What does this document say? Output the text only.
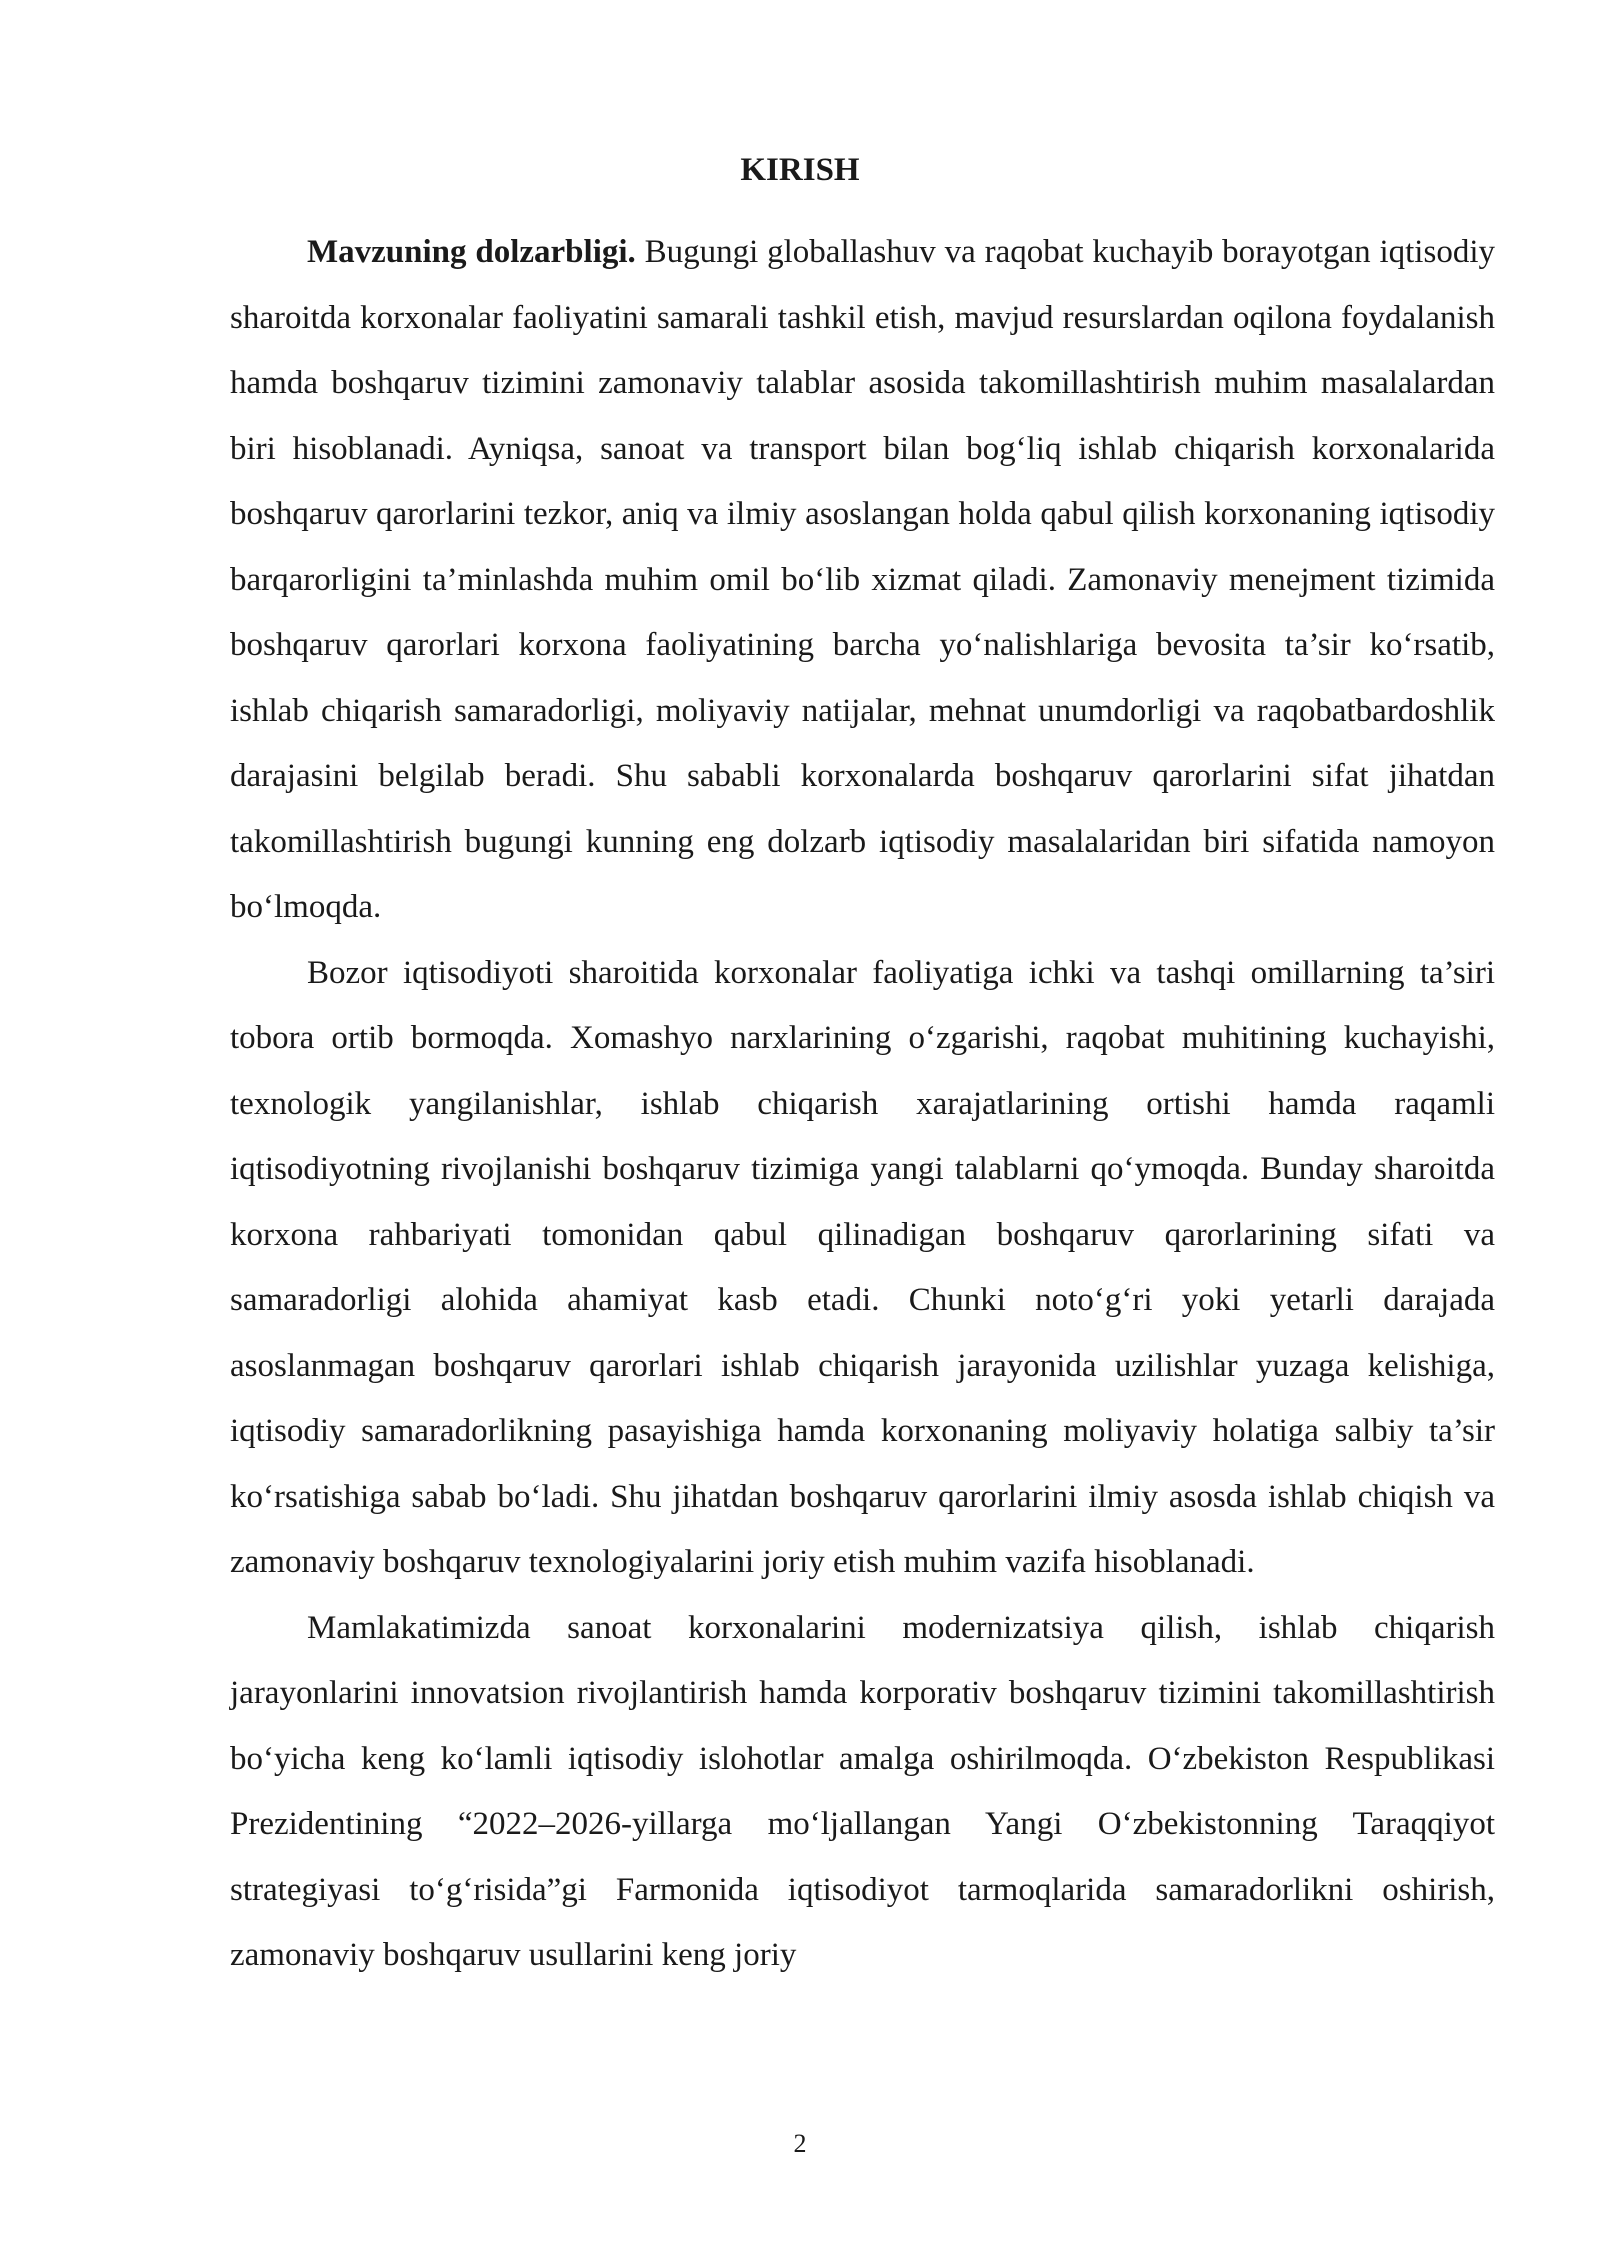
KIRISH

Mavzuning dolzarbligi. Bugungi globallashuv va raqobat kuchayib borayotgan iqtisodiy sharoitda korxonalar faoliyatini samarali tashkil etish, mavjud resurslardan oqilona foydalanish hamda boshqaruv tizimini zamonaviy talablar asosida takomillashtirish muhim masalalardan biri hisoblanadi. Ayniqsa, sanoat va transport bilan bog‘liq ishlab chiqarish korxonalarida boshqaruv qarorlarini tezkor, aniq va ilmiy asoslangan holda qabul qilish korxonaning iqtisodiy barqarorligini ta’minlashda muhim omil bo‘lib xizmat qiladi. Zamonaviy menejment tizimida boshqaruv qarorlari korxona faoliyatining barcha yo‘nalishlariga bevosita ta’sir ko‘rsatib, ishlab chiqarish samaradorligi, moliyaviy natijalar, mehnat unumdorligi va raqobatbardoshlik darajasini belgilab beradi. Shu sababli korxonalarda boshqaruv qarorlarini sifat jihatdan takomillashtirish bugungi kunning eng dolzarb iqtisodiy masalalaridan biri sifatida namoyon bo‘lmoqda.

Bozor iqtisodiyoti sharoitida korxonalar faoliyatiga ichki va tashqi omillarning ta’siri tobora ortib bormoqda. Xomashyo narxlarining o‘zgarishi, raqobat muhitining kuchayishi, texnologik yangilanishlar, ishlab chiqarish xarajatlarining ortishi hamda raqamli iqtisodiyotning rivojlanishi boshqaruv tizimiga yangi talablarni qo‘ymoqda. Bunday sharoitda korxona rahbariyati tomonidan qabul qilinadigan boshqaruv qarorlarining sifati va samaradorligi alohida ahamiyat kasb etadi. Chunki noto‘g‘ri yoki yetarli darajada asoslanmagan boshqaruv qarorlari ishlab chiqarish jarayonida uzilishlar yuzaga kelishiga, iqtisodiy samaradorlikning pasayishiga hamda korxonaning moliyaviy holatiga salbiy ta’sir ko‘rsatishiga sabab bo‘ladi. Shu jihatdan boshqaruv qarorlarini ilmiy asosda ishlab chiqish va zamonaviy boshqaruv texnologiyalarini joriy etish muhim vazifa hisoblanadi.

Mamlakatimizda sanoat korxonalarini modernizatsiya qilish, ishlab chiqarish jarayonlarini innovatsion rivojlantirish hamda korporativ boshqaruv tizimini takomillashtirish bo‘yicha keng ko‘lamli iqtisodiy islohotlar amalga oshirilmoqda. O‘zbekiston Respublikasi Prezidentining “2022–2026-yillarga mo‘ljallangan Yangi O‘zbekistonning Taraqqiyot strategiyasi to‘g‘risida”gi Farmonida iqtisodiyot tarmoqlarida samaradorlikni oshirish, zamonaviy boshqaruv usullarini keng joriy

2
